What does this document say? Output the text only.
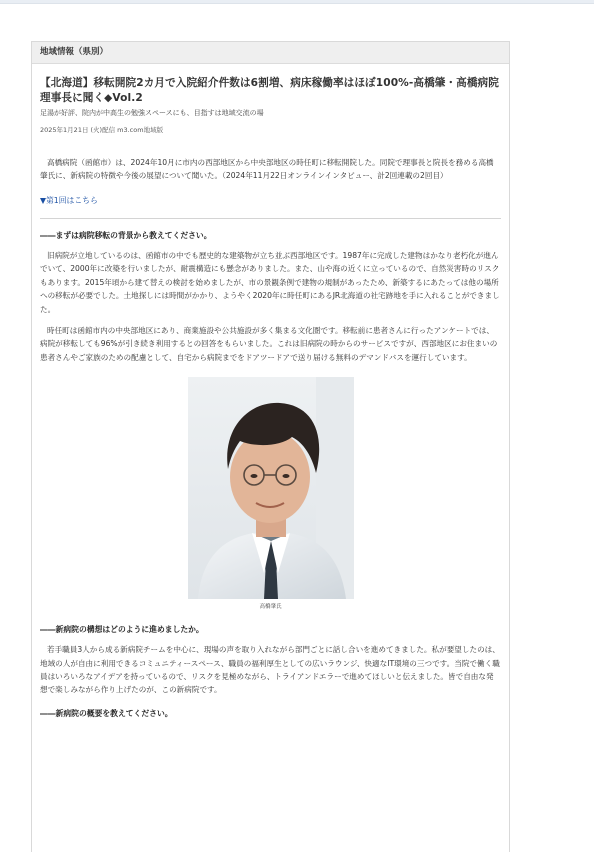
地域情報（県別）
【北海道】移転開院2カ月で入院紹介件数は6割増、病床稼働率はほぼ100%-高橋肇・高橋病院理事長に聞く◆Vol.2
足湯が好評、院内が中高生の勉強スペースにも、目指すは地域交流の場
2025年1月21日 (火)配信 m3.com地域版
高橋病院（函館市）は、2024年10月に市内の西部地区から中央部地区の時任町に移転開院した。同院で理事長と院長を務める高橋肇氏に、新病院の特徴や今後の展望について聞いた。（2024年11月22日オンラインインタビュー、計2回連載の2回目）
▼第1回はこちら
――まずは病院移転の背景から教えてください。
旧病院が立地しているのは、函館市の中でも歴史的な建築物が立ち並ぶ西部地区です。1987年に完成した建物はかなり老朽化が進んでいて、2000年に改築を行いましたが、耐震構造にも懸念がありました。また、山や海の近くに立っているので、自然災害時のリスクもあります。2015年頃から建て替えの検討を始めましたが、市の景観条例で建物の規制があったため、新築するにあたっては他の場所への移転が必要でした。土地探しには時間がかかり、ようやく2020年に時任町にあるJR北海道の社宅跡地を手に入れることができました。
時任町は函館市内の中央部地区にあり、商業施設や公共施設が多く集まる文化圏です。移転前に患者さんに行ったアンケートでは、病院が移転しても96%が引き続き利用するとの回答をもらいました。これは旧病院の時からのサービスですが、西部地区にお住まいの患者さんやご家族のための配慮として、自宅から病院までをドアツードアで送り届ける無料のデマンドバスを運行しています。
高橋肇氏
――新病院の構想はどのように進めましたか。
若手職員3人から成る新病院チームを中心に、現場の声を取り入れながら部門ごとに話し合いを進めてきました。私が要望したのは、地域の人が自由に利用できるコミュニティースペース、職員の福利厚生としての広いラウンジ、快適なIT環境の三つです。当院で働く職員はいろいろなアイデアを持っているので、リスクを見極めながら、トライアンドエラーで進めてほしいと伝えました。皆で自由な発想で楽しみながら作り上げたのが、この新病院です。
――新病院の概要を教えてください。
